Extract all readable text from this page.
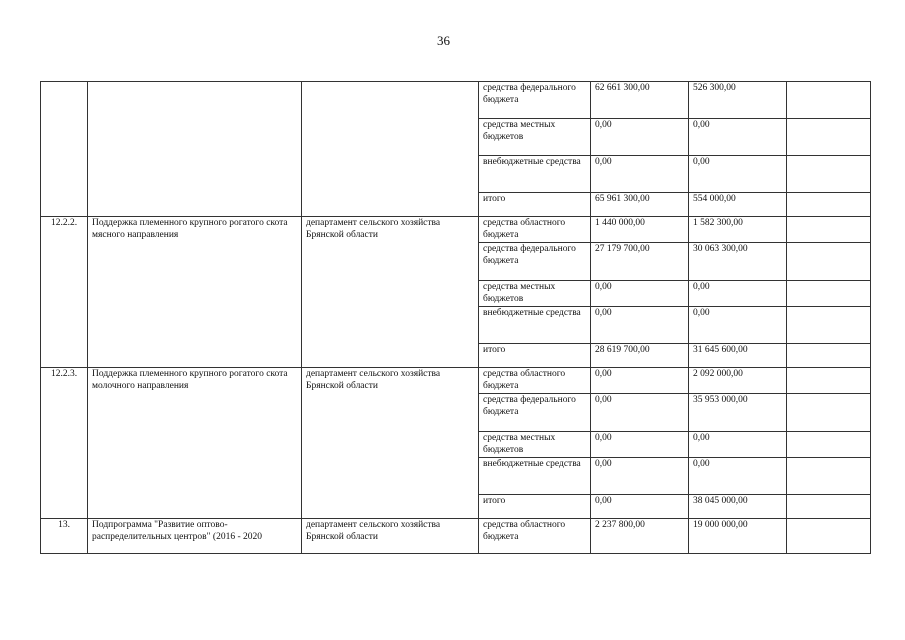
36
			средства федерального бюджета	62 661 300,00	526 300,00	
			средства местных бюджетов	0,00	0,00	
			внебюджетные средства	0,00	0,00	
			итого	65 961 300,00	554 000,00	
12.2.2.	Поддержка племенного крупного рогатого скота мясного направления	департамент сельского хозяйства Брянской области	средства областного бюджета	1 440 000,00	1 582 300,00	
			средства федерального бюджета	27 179 700,00	30 063 300,00	
			средства местных бюджетов	0,00	0,00	
			внебюджетные средства	0,00	0,00	
			итого	28 619 700,00	31 645 600,00	
12.2.3.	Поддержка племенного крупного рогатого скота молочного направления	департамент сельского хозяйства Брянской области	средства областного бюджета	0,00	2 092 000,00	
			средства федерального бюджета	0,00	35 953 000,00	
			средства местных бюджетов	0,00	0,00	
			внебюджетные средства	0,00	0,00	
			итого	0,00	38 045 000,00	
13.	Подпрограмма "Развитие оптово-распределительных центров" (2016 - 2020	департамент сельского хозяйства Брянской области	средства областного бюджета	2 237 800,00	19 000 000,00	
